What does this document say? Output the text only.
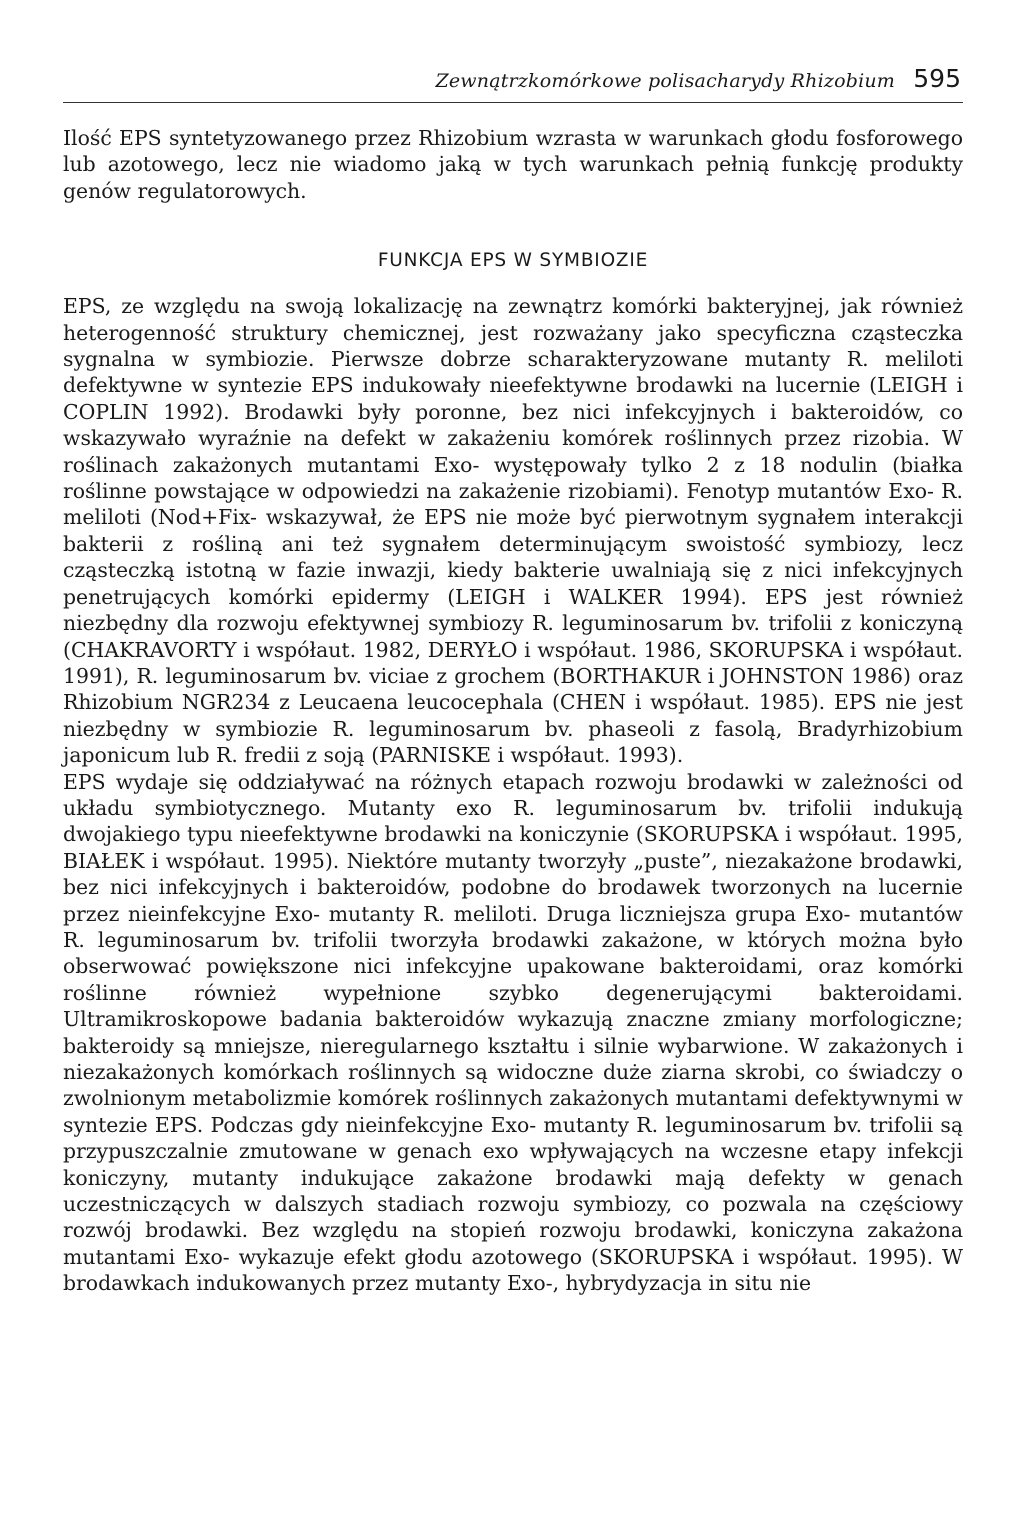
Zewnątrzkomórkowe polisacharydy Rhizobium 595

Ilość EPS syntetyzowanego przez Rhizobium wzrasta w warunkach głodu fosforowego lub azotowego, lecz nie wiadomo jaką w tych warunkach pełnią funkcję produkty genów regulatorowych.

FUNKCJA EPS W SYMBIOZIE

EPS, ze względu na swoją lokalizację na zewnątrz komórki bakteryjnej, jak również heterogenność struktury chemicznej, jest rozważany jako specyficzna cząsteczka sygnalna w symbiozie. Pierwsze dobrze scharakteryzowane mutanty R. meliloti defektywne w syntezie EPS indukowały nieefektywne brodawki na lucernie (LEIGH i COPLIN 1992). Brodawki były poronne, bez nici infekcyjnych i bakteroidów, co wskazywało wyraźnie na defekt w zakażeniu komórek roślinnych przez rizobia. W roślinach zakażonych mutantami Exo- występowały tylko 2 z 18 nodulin (białka roślinne powstające w odpowiedzi na zakażenie rizobiami). Fenotyp mutantów Exo- R. meliloti (Nod+Fix- wskazywał, że EPS nie może być pierwotnym sygnałem interakcji bakterii z rośliną ani też sygnałem determinującym swoistość symbiozy, lecz cząsteczką istotną w fazie inwazji, kiedy bakterie uwalniają się z nici infekcyjnych penetrujących komórki epidermy (LEIGH i WALKER 1994). EPS jest również niezbędny dla rozwoju efektywnej symbiozy R. leguminosarum bv. trifolii z koniczyną (CHAKRAVORTY i współaut. 1982, DERYŁO i współaut. 1986, SKORUPSKA i współaut. 1991), R. leguminosarum bv. viciae z grochem (BORTHAKUR i JOHNSTON 1986) oraz Rhizobium NGR234 z Leucaena leucocephala (CHEN i współaut. 1985). EPS nie jest niezbędny w symbiozie R. leguminosarum bv. phaseoli z fasolą, Bradyrhizobium japonicum lub R. fredii z soją (PARNISKE i współaut. 1993).

EPS wydaje się oddziaływać na różnych etapach rozwoju brodawki w zależności od układu symbiotycznego. Mutanty exo R. leguminosarum bv. trifolii indukują dwojakiego typu nieefektywne brodawki na koniczynie (SKORUPSKA i współaut. 1995, BIAŁEK i współaut. 1995). Niektóre mutanty tworzyły „puste”, niezakażone brodawki, bez nici infekcyjnych i bakteroidów, podobne do brodawek tworzonych na lucernie przez nieinfekcyjne Exo- mutanty R. meliloti. Druga liczniejsza grupa Exo- mutantów R. leguminosarum bv. trifolii tworzyła brodawki zakażone, w których można było obserwować powiększone nici infekcyjne upakowane bakteroidami, oraz komórki roślinne również wypełnione szybko degenerującymi bakteroidami. Ultramikroskopowe badania bakteroidów wykazują znaczne zmiany morfologiczne; bakteroidy są mniejsze, nieregularnego kształtu i silnie wybarwione. W zakażonych i niezakażonych komórkach roślinnych są widoczne duże ziarna skrobi, co świadczy o zwolnionym metabolizmie komórek roślinnych zakażonych mutantami defektywnymi w syntezie EPS. Podczas gdy nieinfekcyjne Exo- mutanty R. leguminosarum bv. trifolii są przypuszczalnie zmutowane w genach exo wpływających na wczesne etapy infekcji koniczyny, mutanty indukujące zakażone brodawki mają defekty w genach uczestniczących w dalszych stadiach rozwoju symbiozy, co pozwala na częściowy rozwój brodawki. Bez względu na stopień rozwoju brodawki, koniczyna zakażona mutantami Exo- wykazuje efekt głodu azotowego (SKORUPSKA i współaut. 1995). W brodawkach indukowanych przez mutanty Exo-, hybrydyzacja in situ nie
